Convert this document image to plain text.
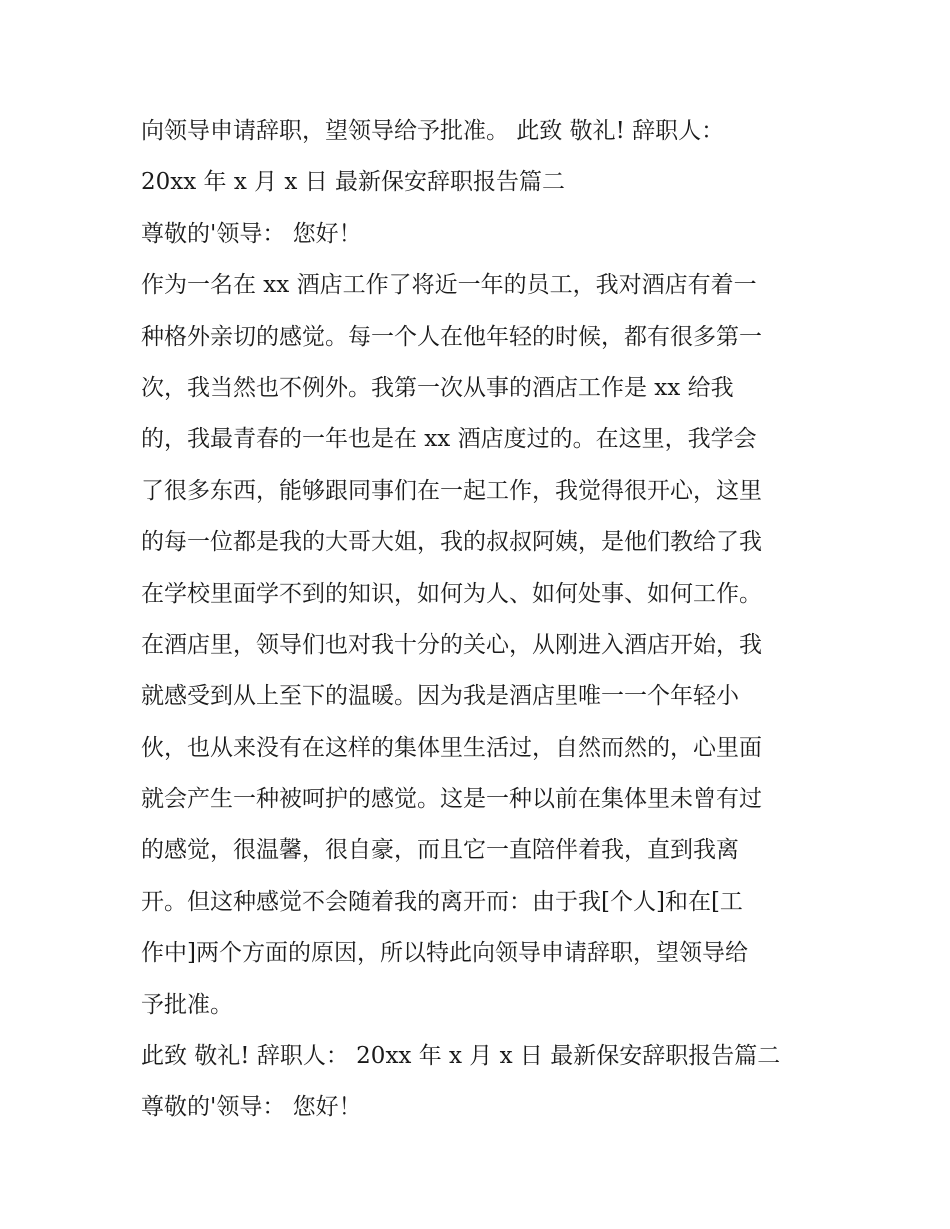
向领导申请辞职，望领导给予批准。 此致 敬礼! 辞职人：
20xx 年 x 月 x 日 最新保安辞职报告篇二
尊敬的'领导： 您好！
作为一名在 xx 酒店工作了将近一年的员工，我对酒店有着一
种格外亲切的感觉。每一个人在他年轻的时候，都有很多第一
次，我当然也不例外。我第一次从事的酒店工作是 xx 给我
的，我最青春的一年也是在 xx 酒店度过的。在这里，我学会
了很多东西，能够跟同事们在一起工作，我觉得很开心，这里
的每一位都是我的大哥大姐，我的叔叔阿姨，是他们教给了我
在学校里面学不到的知识，如何为人、如何处事、如何工作。
在酒店里，领导们也对我十分的关心，从刚进入酒店开始，我
就感受到从上至下的温暖。因为我是酒店里唯一一个年轻小
伙，也从来没有在这样的集体里生活过，自然而然的，心里面
就会产生一种被呵护的感觉。这是一种以前在集体里未曾有过
的感觉，很温馨，很自豪，而且它一直陪伴着我，直到我离
开。但这种感觉不会随着我的离开而：由于我[个人]和在[工
作中]两个方面的原因，所以特此向领导申请辞职，望领导给
予批准。
此致 敬礼! 辞职人： 20xx 年 x 月 x 日 最新保安辞职报告篇二
尊敬的'领导： 您好！
